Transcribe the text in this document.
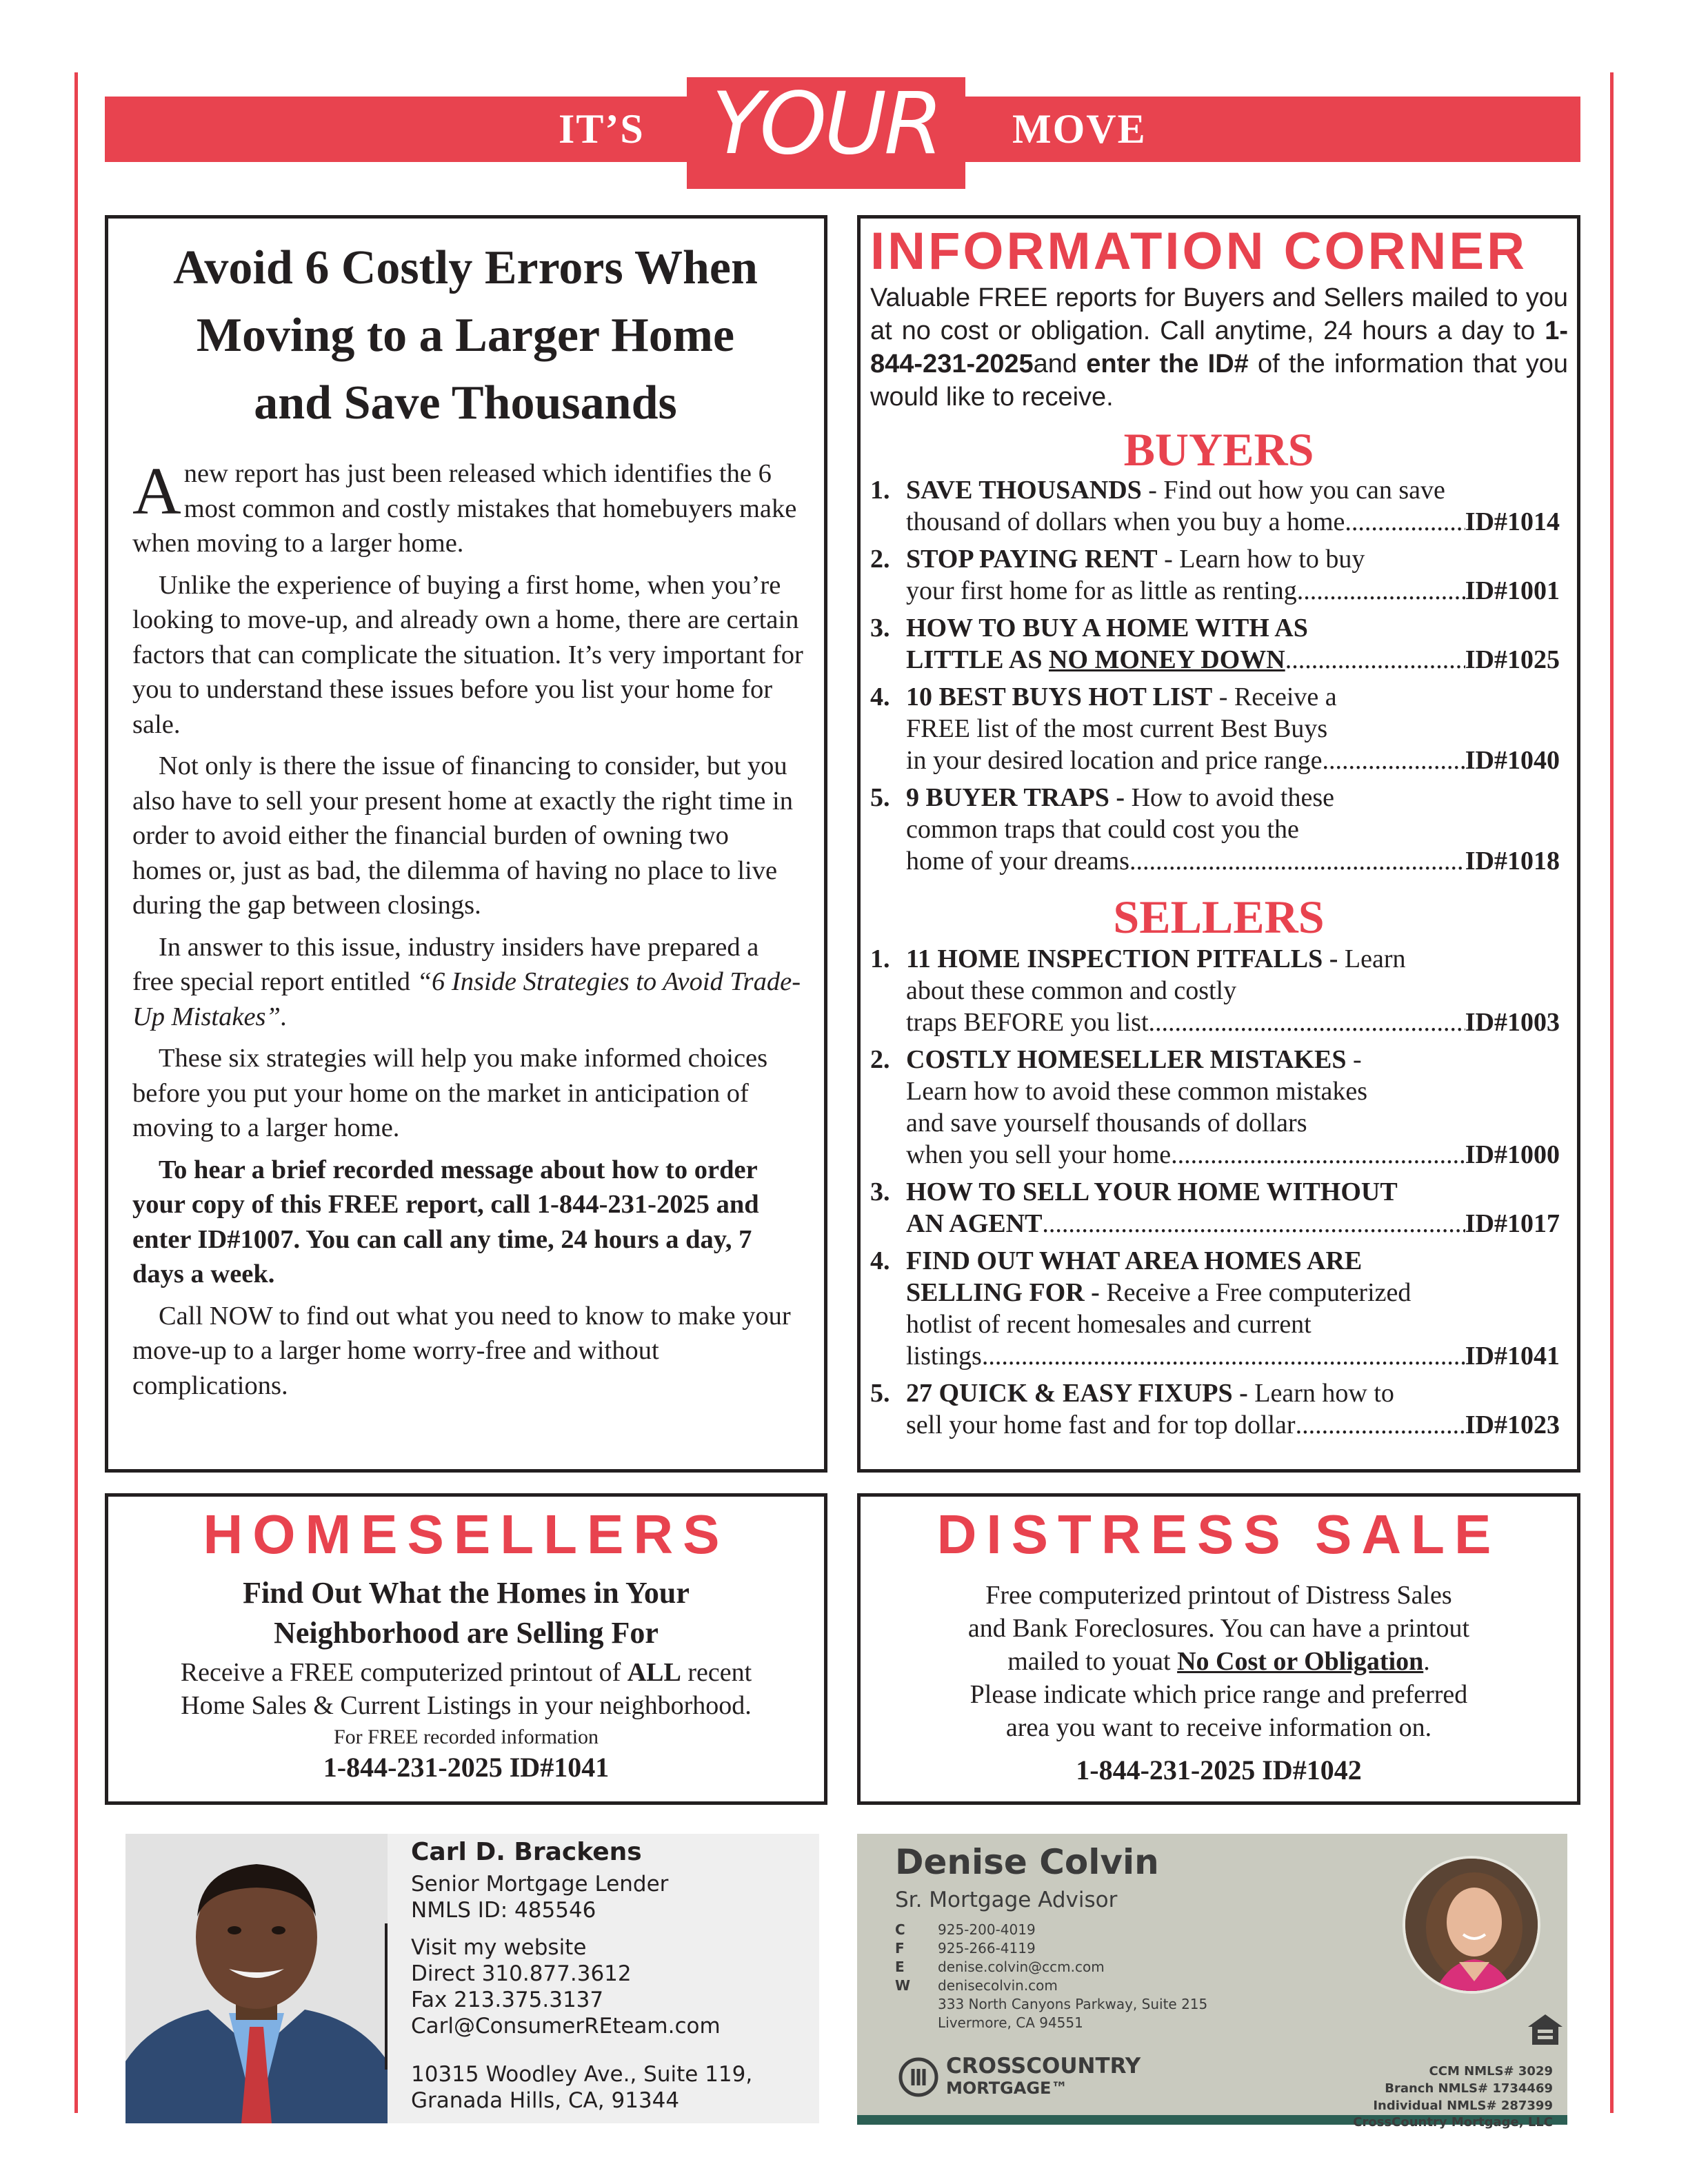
IT’S YOUR	MOVE
Avoid 6 Costly Errors When
Moving to a Larger Home
and Save Thousands

Anew report has just been released which identifies the 6 most common and costly mistakes that homebuyers make when moving to a larger home.

Unlike the experience of buying a first home, when you’re looking to move-up, and already own a home, there are certain factors that can complicate the situation. It’s very important for you to understand these issues before you list your home for sale.

Not only is there the issue of financing to consider, but you also have to sell your present home at exactly the right time in order to avoid either the financial burden of owning two homes or, just as bad, the dilemma of having no place to live during the gap between closings.

In answer to this issue, industry insiders have prepared a free special report entitled “6 Inside Strategies to Avoid Trade-Up Mistakes”.

These six strategies will help you make informed choices before you put your home on the market in anticipation of moving to a larger home.

To hear a brief recorded message about how to order your copy of this FREE report, call 1-844-231-2025 and enter ID#1007. You can call any time, 24 hours a day, 7 days a week.

Call NOW to find out what you need to know to make your move-up to a larger home worry-free and without complications.

INFORMATION CORNER
Valuable FREE reports for Buyers and Sellers mailed to you at no cost or obligation. Call anytime, 24 hours a day to 1-844-231-2025and enter the ID# of the information that you would like to receive.
BUYERS
1. SAVE THOUSANDS - Find out how you can save
thousand of dollars when you buy a home .....	ID#1014
2. STOP PAYING RENT - Learn how to buy
your first home for as little as renting .....	ID#1001
3. HOW TO BUY A HOME WITH AS
LITTLE AS NO MONEY DOWN .....	ID#1025
4. 10 BEST BUYS HOT LIST - Receive a
FREE list of the most current Best Buys
in your desired location and price range .....	ID#1040
5. 9 BUYER TRAPS - How to avoid these
common traps that could cost you the
home of your dreams .....	ID#1018
SELLERS
1. 11 HOME INSPECTION PITFALLS - Learn
about these common and costly
traps BEFORE you list .....	ID#1003
2. COSTLY HOMESELLER MISTAKES -
Learn how to avoid these common mistakes
and save yourself thousands of dollars
when you sell your home .....	ID#1000
3. HOW TO SELL YOUR HOME WITHOUT
AN AGENT .....	ID#1017
4. FIND OUT WHAT AREA HOMES ARE
SELLING FOR - Receive a Free computerized
hotlist of recent homesales and current
listings .....	ID#1041
5. 27 QUICK & EASY FIXUPS - Learn how to
sell your home fast and for top dollar .....	ID#1023
HOMESELLERS
Find Out What the Homes in Your
Neighborhood are Selling For
Receive a FREE computerized printout of ALL recent
Home Sales & Current Listings in your neighborhood.
For FREE recorded information
1-844-231-2025 ID#1041
DISTRESS SALE
Free computerized printout of Distress Sales
and Bank Foreclosures. You can have a printout
mailed to youat No Cost or Obligation.
Please indicate which price range and preferred
area you want to receive information on.
1-844-231-2025 ID#1042
Carl D. Brackens
Senior Mortgage Lender
NMLS ID: 485546
Visit my website
Direct 310.877.3612
Fax 213.375.3137
Carl@ConsumerREteam.com
10315 Woodley Ave., Suite 119,
Granada Hills, CA, 91344
Denise Colvin
Sr. Mortgage Advisor
C 925-200-4019
F 925-266-4119
E denise.colvin@ccm.com
W denisecolvin.com
333 North Canyons Parkway, Suite 215
Livermore, CA 94551
CROSSCOUNTRY
MORTGAGE™
CCM NMLS# 3029
Branch NMLS# 1734469
Individual NMLS# 287399
CrossCountry Mortgage, LLC
